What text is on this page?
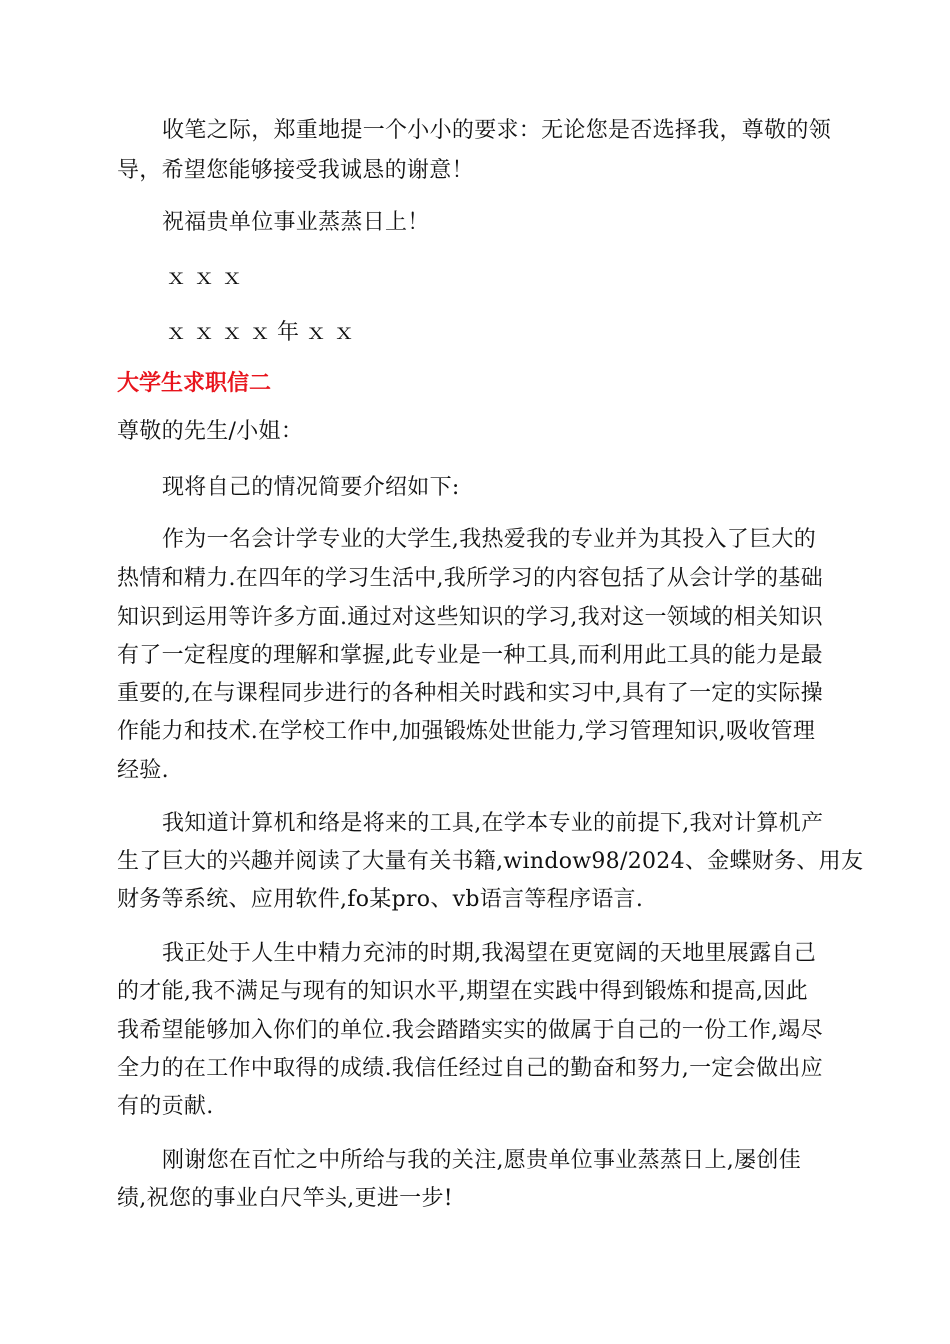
收笔之际，郑重地提一个小小的要求：无论您是否选择我，尊敬的领
导，希望您能够接受我诚恳的谢意！
祝福贵单位事业蒸蒸日上！
ｘｘｘ
ｘｘｘｘ年ｘｘ
大学生求职信二
尊敬的先生/小姐：
现将自己的情况简要介绍如下:
作为一名会计学专业的大学生,我热爱我的专业并为其投入了巨大的
热情和精力.在四年的学习生活中,我所学习的内容包括了从会计学的基础
知识到运用等许多方面.通过对这些知识的学习,我对这一领域的相关知识
有了一定程度的理解和掌握,此专业是一种工具,而利用此工具的能力是最
重要的,在与课程同步进行的各种相关时践和实习中,具有了一定的实际操
作能力和技术.在学校工作中,加强锻炼处世能力,学习管理知识,吸收管理
经验.
我知道计算机和络是将来的工具,在学本专业的前提下,我对计算机产
生了巨大的兴趣并阅读了大量有关书籍,window98/2024、金蝶财务、用友
财务等系统、应用软件,fo某pro、vb语言等程序语言.
我正处于人生中精力充沛的时期,我渴望在更宽阔的天地里展露自己
的才能,我不满足与现有的知识水平,期望在实践中得到锻炼和提高,因此
我希望能够加入你们的单位.我会踏踏实实的做属于自己的一份工作,竭尽
全力的在工作中取得的成绩.我信任经过自己的勤奋和努力,一定会做出应
有的贡献.
刚谢您在百忙之中所给与我的关注,愿贵单位事业蒸蒸日上,屡创佳
绩,祝您的事业白尺竿头,更进一步!
